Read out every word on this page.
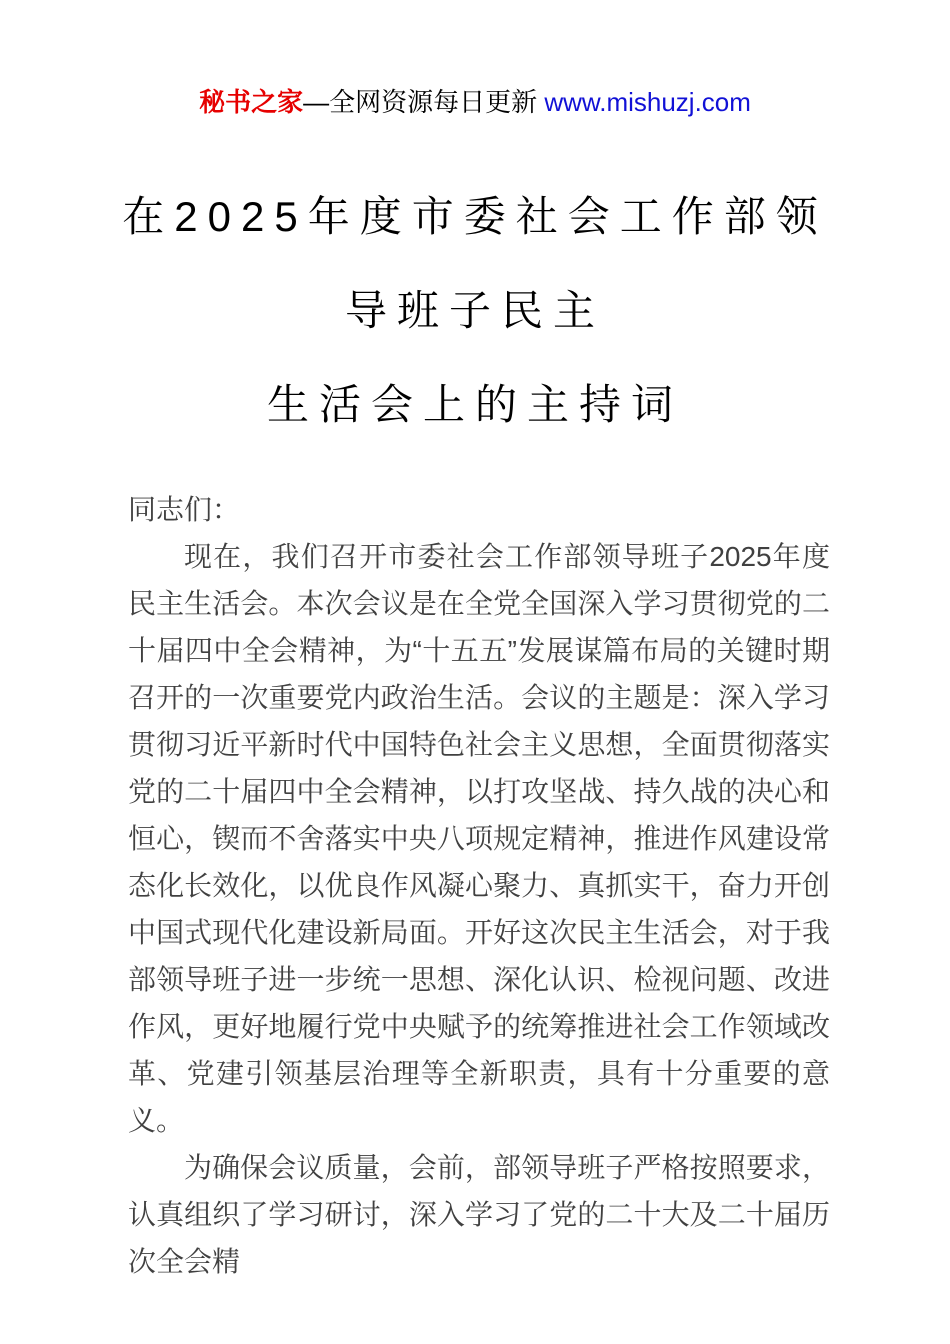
秘书之家—全网资源每日更新 www.mishuzj.com
在2025年度市委社会工作部领
导班子民主
生活会上的主持词

同志们：

现在，我们召开市委社会工作部领导班子2025年度民主生活会。本次会议是在全党全国深入学习贯彻党的二十届四中全会精神，为“十五五”发展谋篇布局的关键时期召开的一次重要党内政治生活。会议的主题是：深入学习贯彻习近平新时代中国特色社会主义思想，全面贯彻落实党的二十届四中全会精神，以打攻坚战、持久战的决心和恒心，锲而不舍落实中央八项规定精神，推进作风建设常态化长效化，以优良作风凝心聚力、真抓实干，奋力开创中国式现代化建设新局面。开好这次民主生活会，对于我部领导班子进一步统一思想、深化认识、检视问题、改进作风，更好地履行党中央赋予的统筹推进社会工作领域改革、党建引领基层治理等全新职责，具有十分重要的意义。

为确保会议质量，会前，部领导班子严格按照要求，认真组织了学习研讨，深入学习了党的二十大及二十届历次全会精
